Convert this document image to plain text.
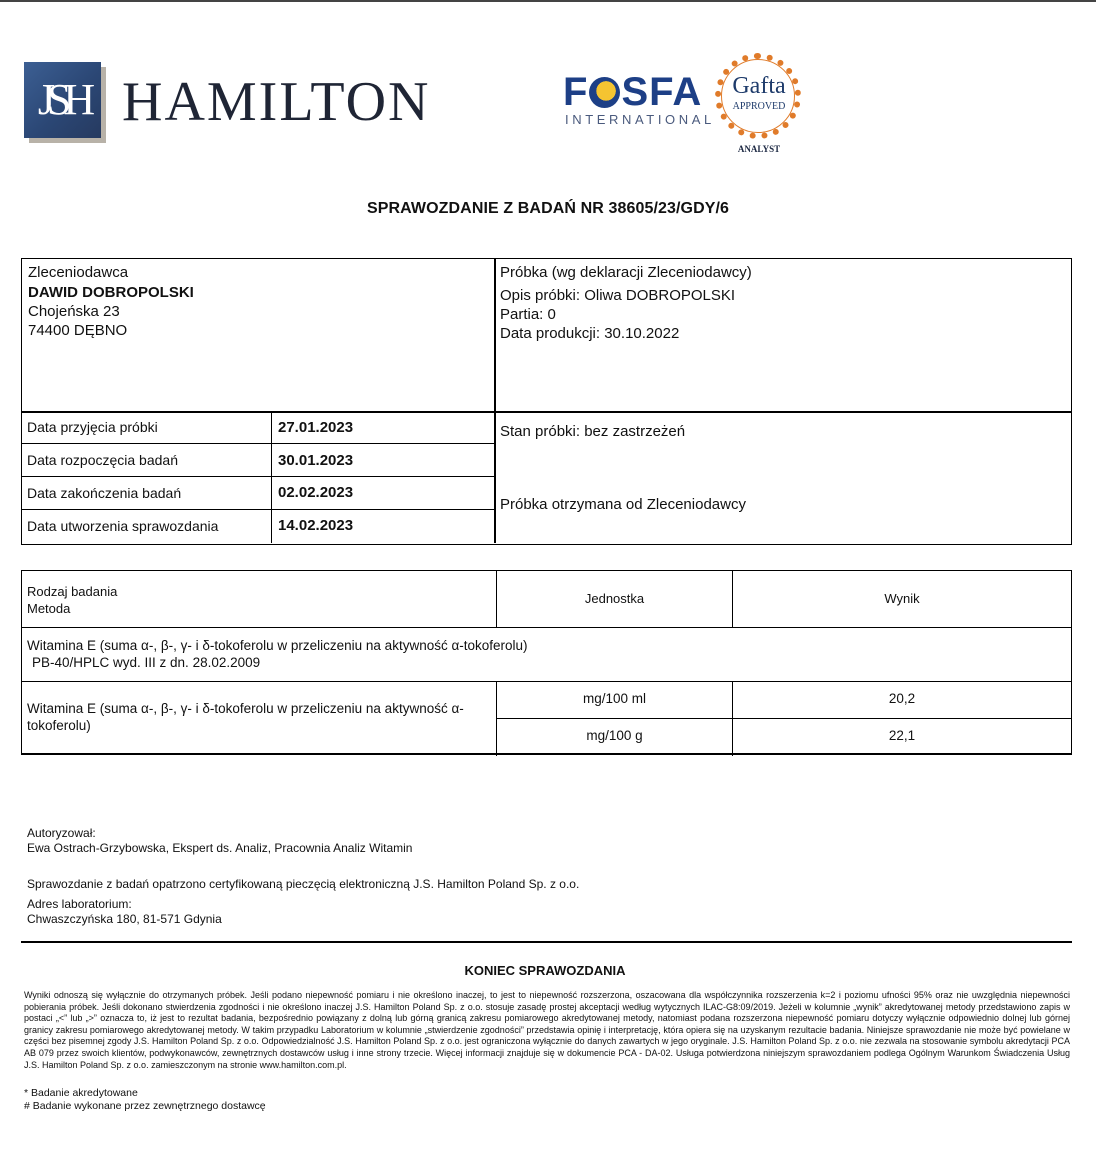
JSH HAMILTON	F SFA
INTERNATIONAL
Gafta
APPROVED
ANALYST
SPRAWOZDANIE Z BADAŃ NR 38605/23/GDY/6
Zleceniodawca
DAWID DOBROPOLSKI
Chojeńska 23
74400 DĘBNO
Próbka (wg deklaracji Zleceniodawcy)
Opis próbki: Oliwa DOBROPOLSKI
Partia: 0
Data produkcji: 30.10.2022
Data przyjęcia próbki	27.01.2023
Data rozpoczęcia badań	30.01.2023
Data zakończenia badań	02.02.2023
Data utworzenia sprawozdania	14.02.2023
Stan próbki: bez zastrzeżeń
Próbka otrzymana od Zleceniodawcy
Rodzaj badania
Metoda
Jednostka	Wynik
Witamina E (suma α-, β-, γ- i δ-tokoferolu w przeliczeniu na aktywność α-tokoferolu)
PB-40/HPLC wyd. III z dn. 28.02.2009
Witamina E (suma α-, β-, γ- i δ-tokoferolu w przeliczeniu na aktywność α-tokoferolu)
mg/100 ml	20,2
mg/100 g	22,1
Autoryzował:
Ewa Ostrach-Grzybowska, Ekspert ds. Analiz, Pracownia Analiz Witamin
Sprawozdanie z badań opatrzono certyfikowaną pieczęcią elektroniczną J.S. Hamilton Poland Sp. z o.o.
Adres laboratorium:
Chwaszczyńska 180, 81-571 Gdynia
KONIEC SPRAWOZDANIA
Wyniki odnoszą się wyłącznie do otrzymanych próbek. Jeśli podano niepewność pomiaru i nie określono inaczej, to jest to niepewność rozszerzona, oszacowana dla współczynnika rozszerzenia k=2 i poziomu ufności 95% oraz nie uwzględnia niepewności pobierania próbek. Jeśli dokonano stwierdzenia zgodności i nie określono inaczej J.S. Hamilton Poland Sp. z o.o. stosuje zasadę prostej akceptacji według wytycznych ILAC-G8:09/2019. Jeżeli w kolumnie „wynik” akredytowanej metody przedstawiono zapis w postaci „<” lub „>” oznacza to, iż jest to rezultat badania, bezpośrednio powiązany z dolną lub górną granicą zakresu pomiarowego akredytowanej metody, natomiast podana rozszerzona niepewność pomiaru dotyczy wyłącznie odpowiednio dolnej lub górnej granicy zakresu pomiarowego akredytowanej metody. W takim przypadku Laboratorium w kolumnie „stwierdzenie zgodności” przedstawia opinię i interpretację, która opiera się na uzyskanym rezultacie badania. Niniejsze sprawozdanie nie może być powielane w części bez pisemnej zgody J.S. Hamilton Poland Sp. z o.o. Odpowiedzialność J.S. Hamilton Poland Sp. z o.o. jest ograniczona wyłącznie do danych zawartych w jego oryginale. J.S. Hamilton Poland Sp. z o.o. nie zezwala na stosowanie symbolu akredytacji PCA AB 079 przez swoich klientów, podwykonawców, zewnętrznych dostawców usług i inne strony trzecie. Więcej informacji znajduje się w dokumencie PCA - DA-02. Usługa potwierdzona niniejszym sprawozdaniem podlega Ogólnym Warunkom Świadczenia Usług J.S. Hamilton Poland Sp. z o.o. zamieszczonym na stronie www.hamilton.com.pl.
* Badanie akredytowane
# Badanie wykonane przez zewnętrznego dostawcę
